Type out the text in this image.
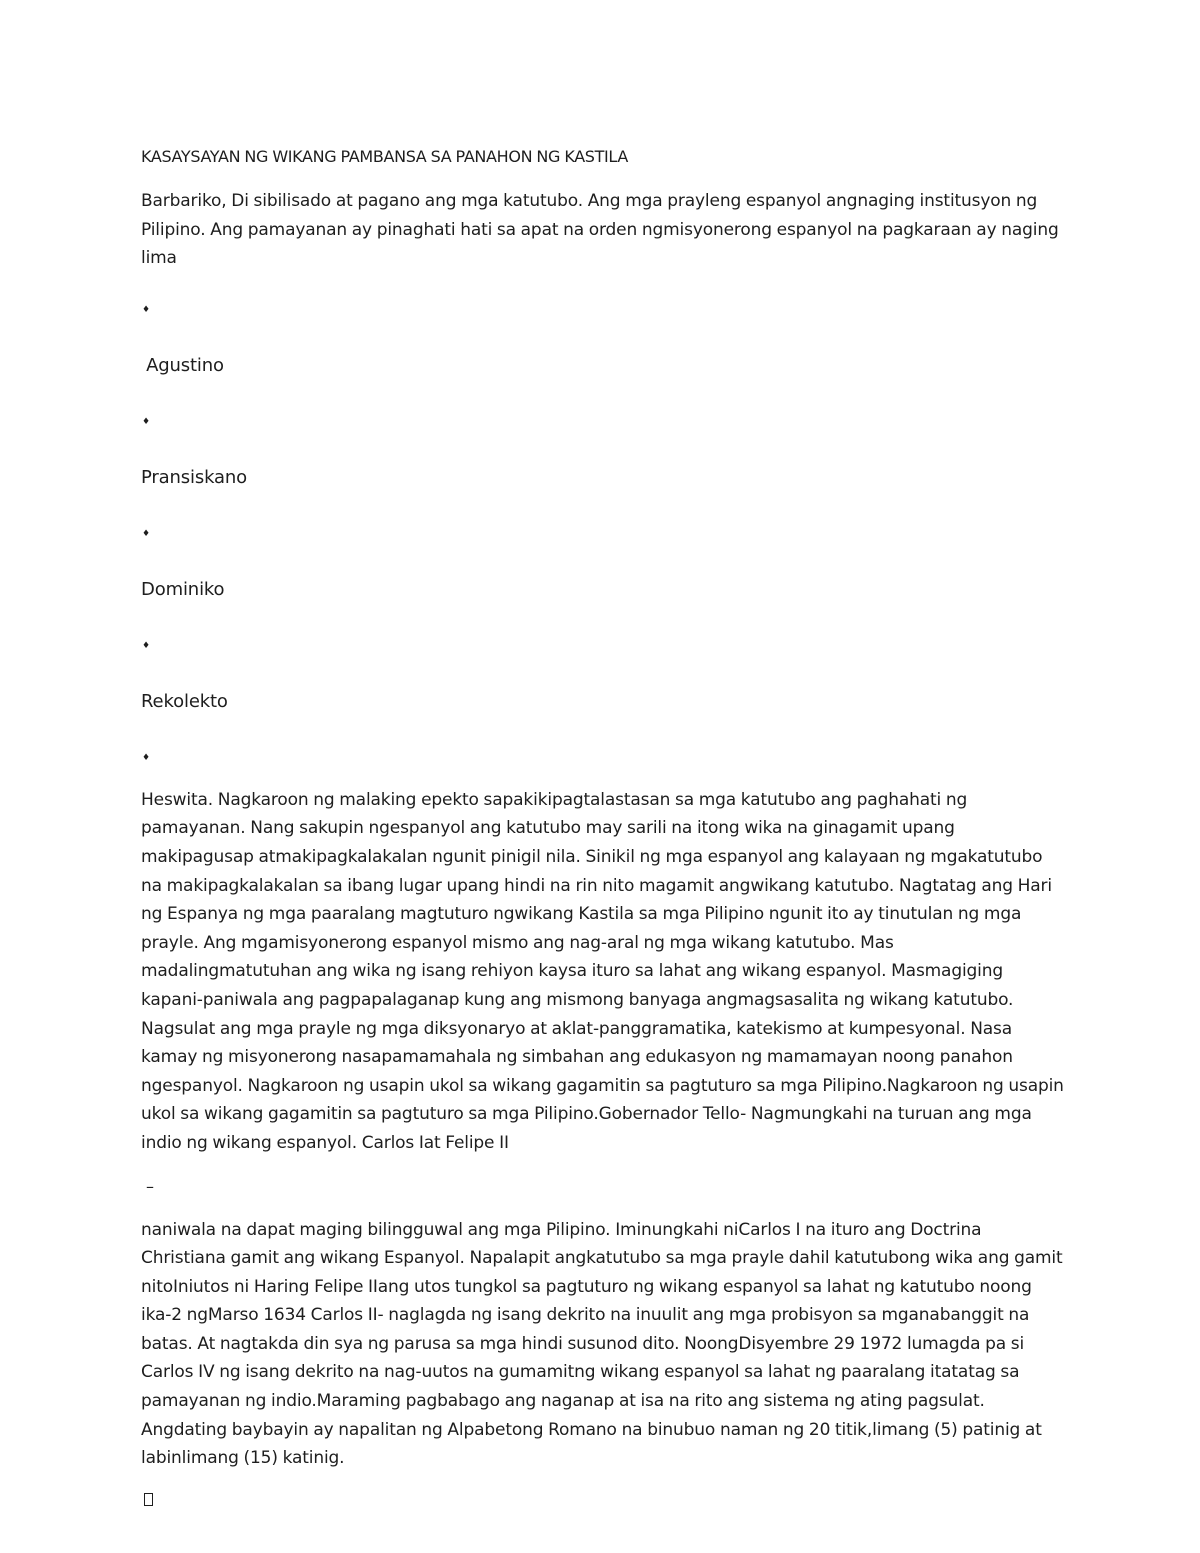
KASAYSAYAN NG WIKANG PAMBANSA SA PANAHON NG KASTILA

Barbariko, Di sibilisado at pagano ang mga katutubo. Ang mga prayleng espanyol angnaging institusyon ng Pilipino. Ang pamayanan ay pinaghati hati sa apat na orden ngmisyonerong espanyol na pagkaraan ay naging lima

♦

Agustino

♦

Pransiskano

♦

Dominiko

♦

Rekolekto

♦

Heswita. Nagkaroon ng malaking epekto sapakikipagtalastasan sa mga katutubo ang paghahati ng pamayanan. Nang sakupin ngespanyol ang katutubo may sarili na itong wika na ginagamit upang makipagusap atmakipagkalakalan ngunit pinigil nila. Sinikil ng mga espanyol ang kalayaan ng mgakatutubo na makipagkalakalan sa ibang lugar upang hindi na rin nito magamit angwikang katutubo. Nagtatag ang Hari ng Espanya ng mga paaralang magtuturo ngwikang Kastila sa mga Pilipino ngunit ito ay tinutulan ng mga prayle. Ang mgamisyonerong espanyol mismo ang nag-aral ng mga wikang katutubo. Mas madalingmatutuhan ang wika ng isang rehiyon kaysa ituro sa lahat ang wikang espanyol. Masmagiging kapani-paniwala ang pagpapalaganap kung ang mismong banyaga angmagsasalita ng wikang katutubo. Nagsulat ang mga prayle ng mga diksyonaryo at aklat-panggramatika, katekismo at kumpesyonal. Nasa kamay ng misyonerong nasapamamahala ng simbahan ang edukasyon ng mamamayan noong panahon ngespanyol. Nagkaroon ng usapin ukol sa wikang gagamitin sa pagtuturo sa mga Pilipino.Nagkaroon ng usapin ukol sa wikang gagamitin sa pagtuturo sa mga Pilipino.Gobernador Tello- Nagmungkahi na turuan ang mga indio ng wikang espanyol. Carlos Iat Felipe II

–

naniwala na dapat maging bilingguwal ang mga Pilipino. Iminungkahi niCarlos I na ituro ang Doctrina Christiana gamit ang wikang Espanyol. Napalapit angkatutubo sa mga prayle dahil katutubong wika ang gamit nitoIniutos ni Haring Felipe IIang utos tungkol sa pagtuturo ng wikang espanyol sa lahat ng katutubo noong ika-2 ngMarso 1634 Carlos II- naglagda ng isang dekrito na inuulit ang mga probisyon sa mganabanggit na batas. At nagtakda din sya ng parusa sa mga hindi susunod dito. NoongDisyembre 29 1972 lumagda pa si Carlos IV ng isang dekrito na nag-uutos na gumamitng wikang espanyol sa lahat ng paaralang itatatag sa pamayanan ng indio.Maraming pagbabago ang naganap at isa na rito ang sistema ng ating pagsulat. Angdating baybayin ay napalitan ng Alpabetong Romano na binubuo naman ng 20 titik,limang (5) patinig at labinlimang (15) katinig.
